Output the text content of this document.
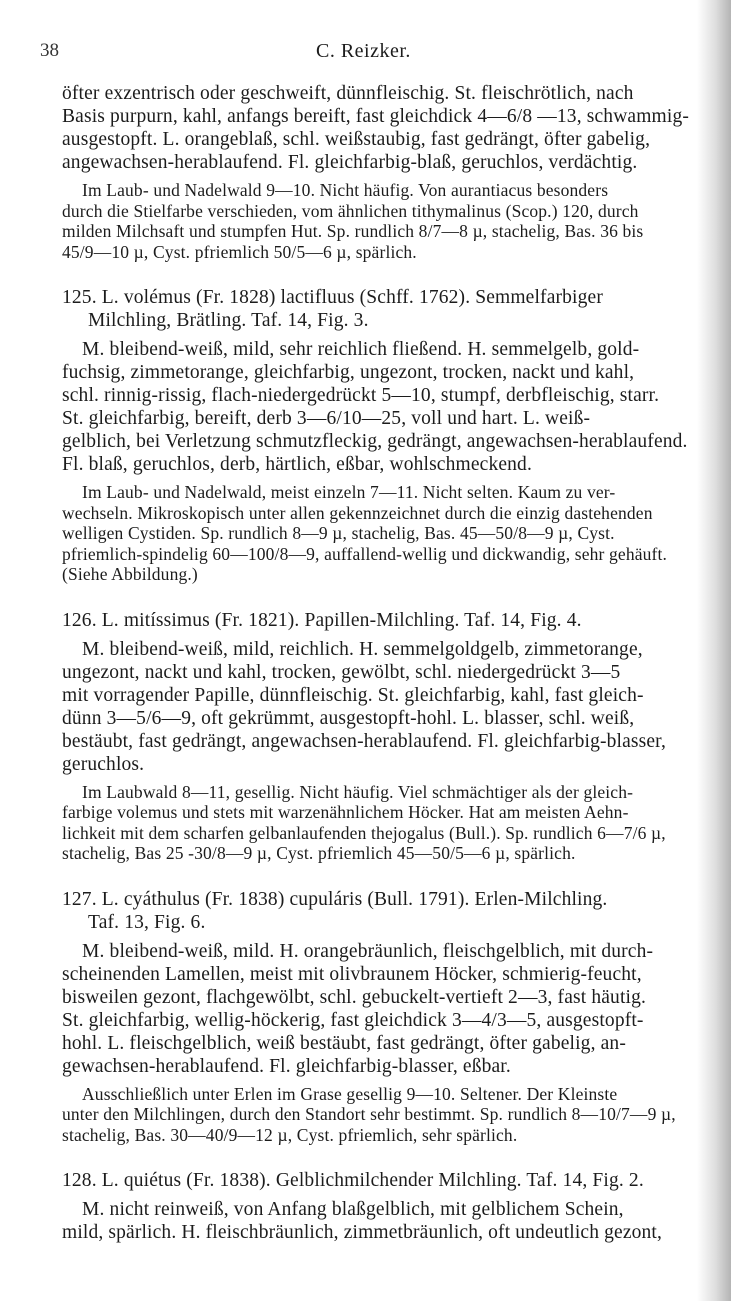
38	C. Reizker.
öfter exzentrisch oder geschweift, dünnfleischig. St. fleischrötlich, nach
Basis purpurn, kahl, anfangs bereift, fast gleichdick 4—6/8 —13, schwammig-
ausgestopft. L. orangeblaß, schl. weißstaubig, fast gedrängt, öfter gabelig,
angewachsen-herablaufend. Fl. gleichfarbig-blaß, geruchlos, verdächtig.
Im Laub- und Nadelwald 9—10. Nicht häufig. Von aurantiacus besonders
durch die Stielfarbe verschieden, vom ähnlichen tithymalinus (Scop.) 120, durch
milden Milchsaft und stumpfen Hut. Sp. rundlich 8/7—8 µ, stachelig, Bas. 36 bis
45/9—10 µ, Cyst. pfriemlich 50/5—6 µ, spärlich.
125. L. volémus (Fr. 1828) lactifluus (Schff. 1762). Semmelfarbiger
Milchling, Brätling. Taf. 14, Fig. 3.
M. bleibend-weiß, mild, sehr reichlich fließend. H. semmelgelb, gold-
fuchsig, zimmetorange, gleichfarbig, ungezont, trocken, nackt und kahl,
schl. rinnig-rissig, flach-niedergedrückt 5—10, stumpf, derbfleischig, starr.
St. gleichfarbig, bereift, derb 3—6/10—25, voll und hart. L. weiß-
gelblich, bei Verletzung schmutzfleckig, gedrängt, angewachsen-herablaufend.
Fl. blaß, geruchlos, derb, härtlich, eßbar, wohlschmeckend.
Im Laub- und Nadelwald, meist einzeln 7—11. Nicht selten. Kaum zu ver-
wechseln. Mikroskopisch unter allen gekennzeichnet durch die einzig dastehenden
welligen Cystiden. Sp. rundlich 8—9 µ, stachelig, Bas. 45—50/8—9 µ, Cyst.
pfriemlich-spindelig 60—100/8—9, auffallend-wellig und dickwandig, sehr gehäuft.
(Siehe Abbildung.)
126. L. mitíssimus (Fr. 1821). Papillen-Milchling. Taf. 14, Fig. 4.
M. bleibend-weiß, mild, reichlich. H. semmelgoldgelb, zimmetorange,
ungezont, nackt und kahl, trocken, gewölbt, schl. niedergedrückt 3—5
mit vorragender Papille, dünnfleischig. St. gleichfarbig, kahl, fast gleich-
dünn 3—5/6—9, oft gekrümmt, ausgestopft-hohl. L. blasser, schl. weiß,
bestäubt, fast gedrängt, angewachsen-herablaufend. Fl. gleichfarbig-blasser,
geruchlos.
Im Laubwald 8—11, gesellig. Nicht häufig. Viel schmächtiger als der gleich-
farbige volemus und stets mit warzenähnlichem Höcker. Hat am meisten Aehn-
lichkeit mit dem scharfen gelbanlaufenden thejogalus (Bull.). Sp. rundlich 6—7/6 µ,
stachelig, Bas 25 -30/8—9 µ, Cyst. pfriemlich 45—50/5—6 µ, spärlich.
127. L. cyáthulus (Fr. 1838) cupuláris (Bull. 1791). Erlen-Milchling.
Taf. 13, Fig. 6.
M. bleibend-weiß, mild. H. orangebräunlich, fleischgelblich, mit durch-
scheinenden Lamellen, meist mit olivbraunem Höcker, schmierig-feucht,
bisweilen gezont, flachgewölbt, schl. gebuckelt-vertieft 2—3, fast häutig.
St. gleichfarbig, wellig-höckerig, fast gleichdick 3—4/3—5, ausgestopft-
hohl. L. fleischgelblich, weiß bestäubt, fast gedrängt, öfter gabelig, an-
gewachsen-herablaufend. Fl. gleichfarbig-blasser, eßbar.
Ausschließlich unter Erlen im Grase gesellig 9—10. Seltener. Der Kleinste
unter den Milchlingen, durch den Standort sehr bestimmt. Sp. rundlich 8—10/7—9 µ,
stachelig, Bas. 30—40/9—12 µ, Cyst. pfriemlich, sehr spärlich.
128. L. quiétus (Fr. 1838). Gelblichmilchender Milchling. Taf. 14, Fig. 2.
M. nicht reinweiß, von Anfang blaßgelblich, mit gelblichem Schein,
mild, spärlich. H. fleischbräunlich, zimmetbräunlich, oft undeutlich gezont,
